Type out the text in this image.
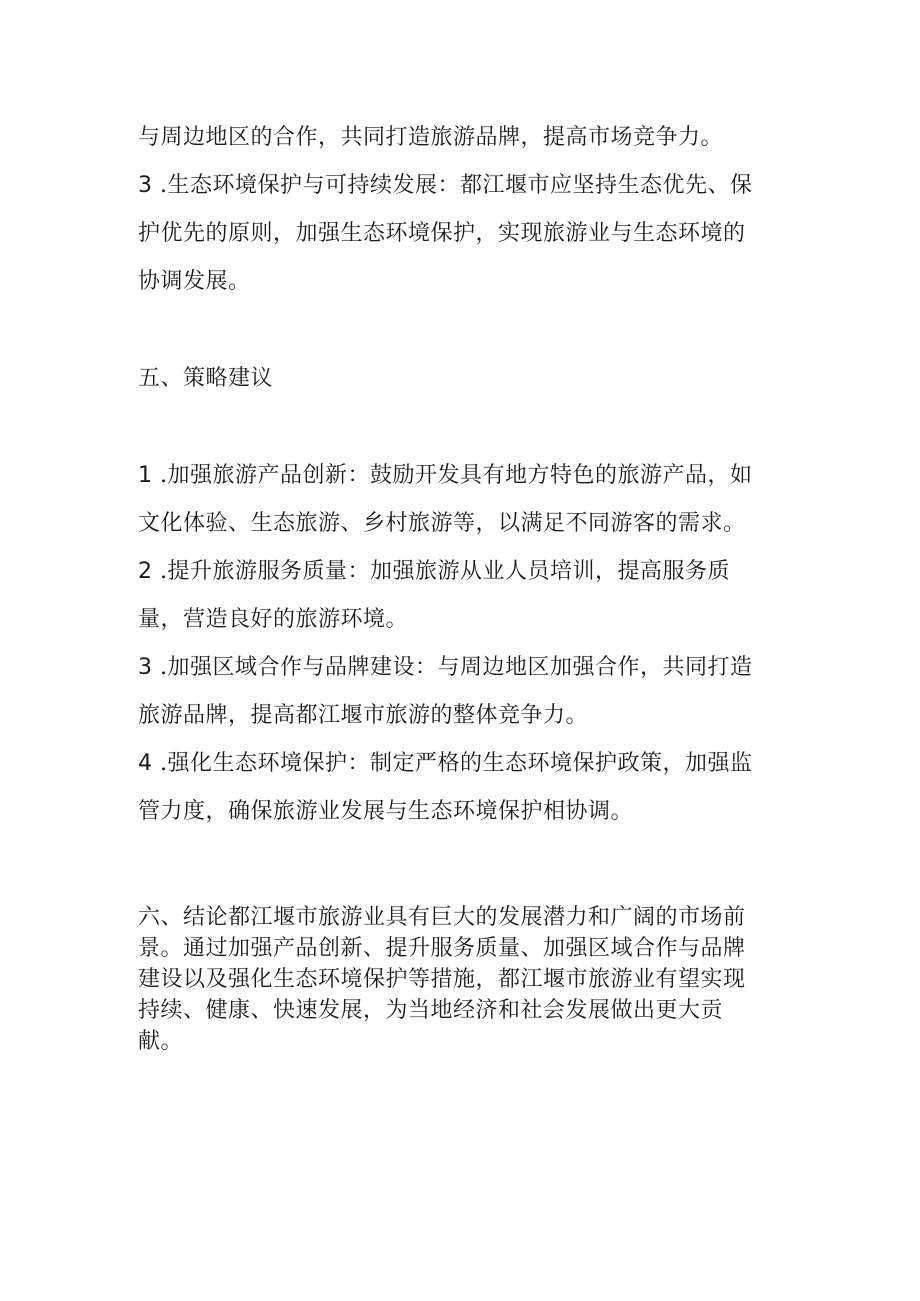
与周边地区的合作，共同打造旅游品牌，提高市场竞争力。
3 .生态环境保护与可持续发展：都江堰市应坚持生态优先、保
护优先的原则，加强生态环境保护，实现旅游业与生态环境的
协调发展。
五、策略建议
1 .加强旅游产品创新：鼓励开发具有地方特色的旅游产品，如
文化体验、生态旅游、乡村旅游等，以满足不同游客的需求。
2 .提升旅游服务质量：加强旅游从业人员培训，提高服务质
量，营造良好的旅游环境。
3 .加强区域合作与品牌建设：与周边地区加强合作，共同打造
旅游品牌，提高都江堰市旅游的整体竞争力。
4 .强化生态环境保护：制定严格的生态环境保护政策，加强监
管力度，确保旅游业发展与生态环境保护相协调。
六、结论都江堰市旅游业具有巨大的发展潜力和广阔的市场前
景。通过加强产品创新、提升服务质量、加强区域合作与品牌
建设以及强化生态环境保护等措施，都江堰市旅游业有望实现
持续、健康、快速发展，为当地经济和社会发展做出更大贡
献。
